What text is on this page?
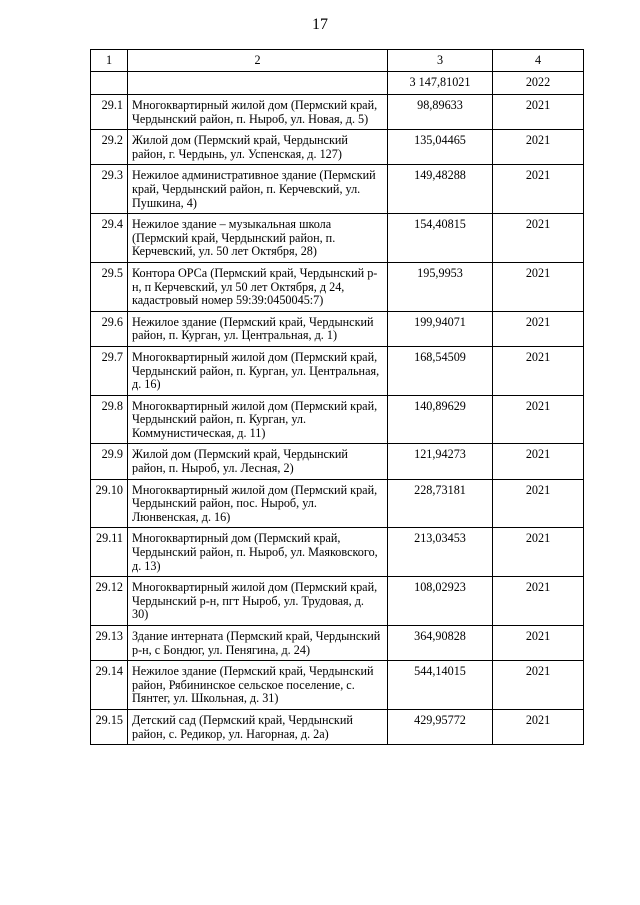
17
1	2	3	4
		3 147,81021	2022
29.1	Многоквартирный жилой дом (Пермский край, Чердынский район, п. Ныроб, ул. Новая, д. 5)	98,89633	2021
29.2	Жилой дом (Пермский край, Чердынский район, г. Чердынь, ул. Успенская, д. 127)	135,04465	2021
29.3	Нежилое административное здание (Пермский край, Чердынский район, п. Керчевский, ул. Пушкина, 4)	149,48288	2021
29.4	Нежилое здание – музыкальная школа (Пермский край, Чердынский район, п. Керчевский, ул. 50 лет Октября, 28)	154,40815	2021
29.5	Контора ОРСа (Пермский край, Чердынский р-н, п Керчевский, ул 50 лет Октября, д 24, кадастровый номер 59:39:0450045:7)	195,9953	2021
29.6	Нежилое здание (Пермский край, Чердынский район, п. Курган, ул. Центральная, д. 1)	199,94071	2021
29.7	Многоквартирный жилой дом (Пермский край, Чердынский район, п. Курган, ул. Центральная, д. 16)	168,54509	2021
29.8	Многоквартирный жилой дом (Пермский край, Чердынский район, п. Курган, ул. Коммунистическая, д. 11)	140,89629	2021
29.9	Жилой дом (Пермский край, Чердынский район, п. Ныроб, ул. Лесная, 2)	121,94273	2021
29.10	Многоквартирный жилой дом (Пермский край, Чердынский район, пос. Ныроб, ул. Люнвенская, д. 16)	228,73181	2021
29.11	Многоквартирный дом (Пермский край, Чердынский район, п. Ныроб, ул. Маяковского, д. 13)	213,03453	2021
29.12	Многоквартирный жилой дом (Пермский край, Чердынский р-н, пгт Ныроб, ул. Трудовая, д. 30)	108,02923	2021
29.13	Здание интерната (Пермский край, Чердынский р-н, с Бондюг, ул. Пенягина, д. 24)	364,90828	2021
29.14	Нежилое здание (Пермский край, Чердынский район, Рябининское сельское поселение, с. Пянтег, ул. Школьная, д. 31)	544,14015	2021
29.15	Детский сад (Пермский край, Чердынский район, с. Редикор, ул. Нагорная, д. 2а)	429,95772	2021
